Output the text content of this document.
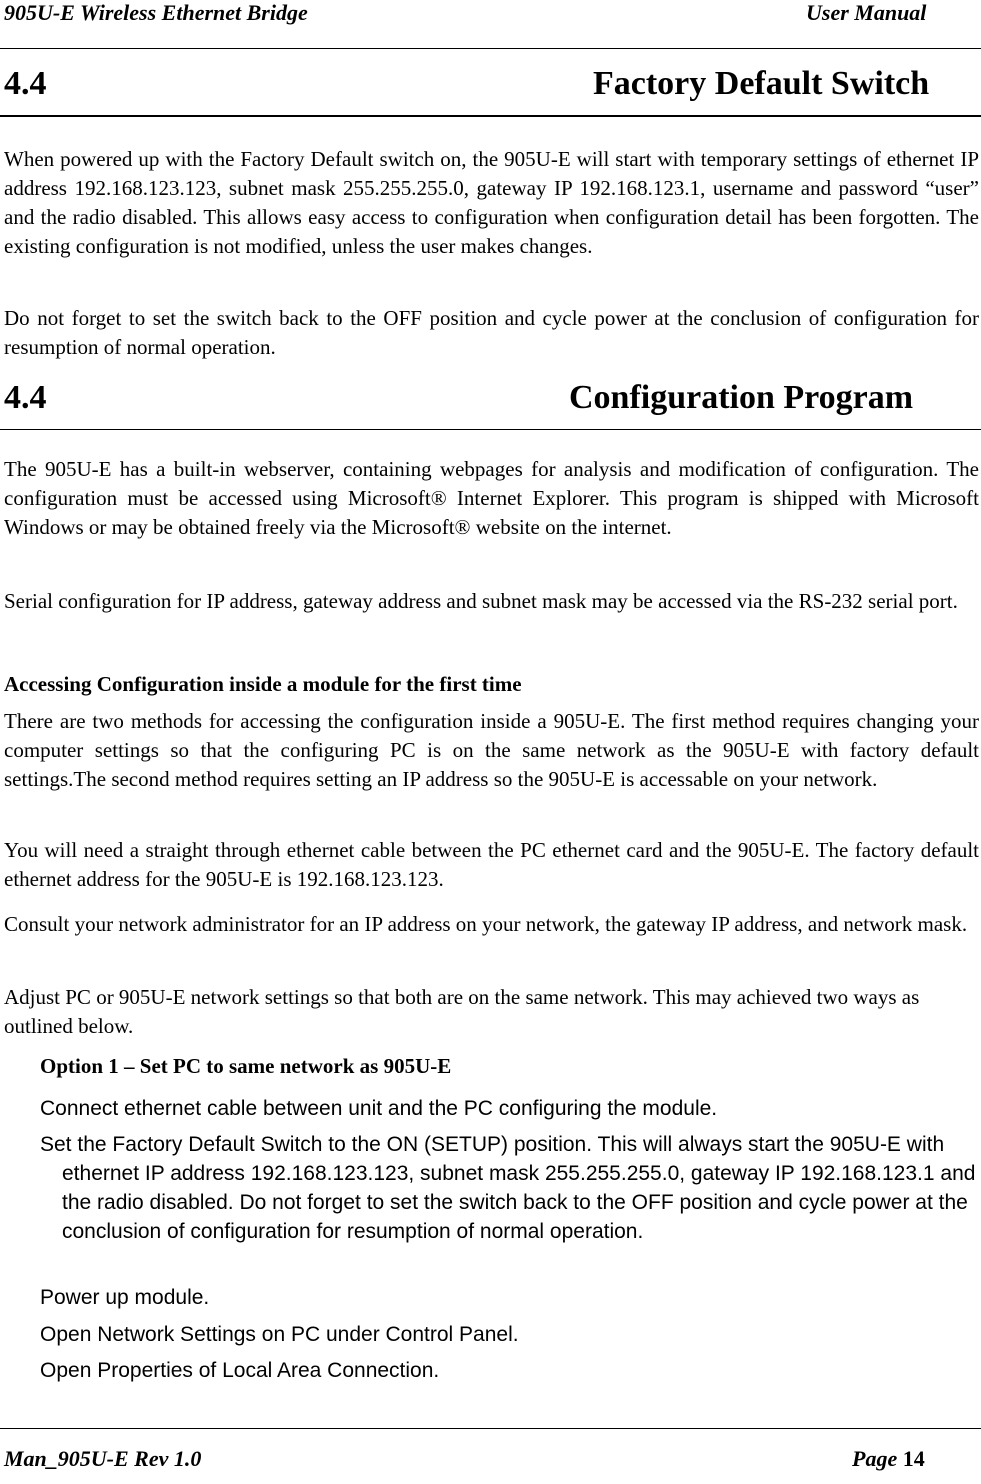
905U-E Wireless Ethernet Bridge	User Manual
4.4	Factory Default Switch
When powered up with the Factory Default switch on, the 905U-E will start with temporary settings of ethernet IP address 192.168.123.123, subnet mask 255.255.255.0, gateway IP 192.168.123.1, username and password “user” and the radio disabled. This allows easy access to configuration when configuration detail has been forgotten. The existing configuration is not modified, unless the user makes changes.
Do not forget to set the switch back to the OFF position and cycle power at the conclusion of configuration for resumption of normal operation.
4.4	Configuration Program
The 905U-E has a built-in webserver, containing webpages for analysis and modification of configuration. The configuration must be accessed using Microsoft® Internet Explorer. This program is shipped with Microsoft Windows or may be obtained freely via the Microsoft® website on the internet.
Serial configuration for IP address, gateway address and subnet mask may be accessed via the RS-232 serial port.
Accessing Configuration inside a module for the first time
There are two methods for accessing the configuration inside a 905U-E. The first method requires changing your computer settings so that the configuring PC is on the same network as the 905U-E with factory default settings.The second method requires setting an IP address so the 905U-E is accessable on your network.
You will need a straight through ethernet cable between the PC ethernet card and the 905U-E. The factory default ethernet address for the 905U-E is 192.168.123.123.
Consult your network administrator for an IP address on your network, the gateway IP address, and network mask.
Adjust PC or 905U-E network settings so that both are on the same network. This may achieved two ways as outlined below.
Option 1 – Set PC to same network as 905U-E
Connect ethernet cable between unit and the PC configuring the module.
Set the Factory Default Switch to the ON (SETUP) position. This will always start the 905U-E with ethernet IP address 192.168.123.123, subnet mask 255.255.255.0, gateway IP 192.168.123.1 and the radio disabled. Do not forget to set the switch back to the OFF position and cycle power at the conclusion of configuration for resumption of normal operation.
Power up module.
Open Network Settings on PC under Control Panel.
Open Properties of Local Area Connection.
Man_905U-E Rev 1.0	Page 14
